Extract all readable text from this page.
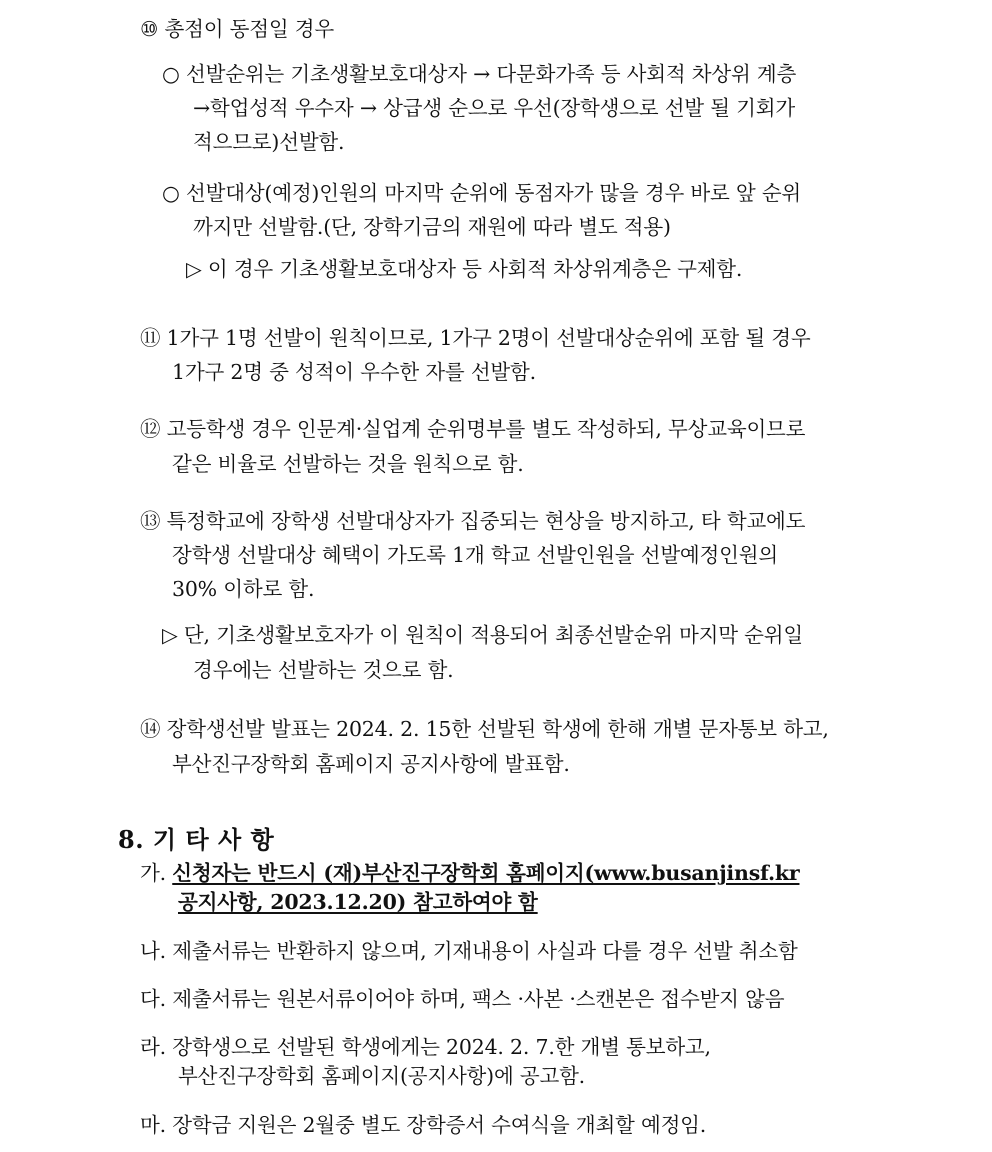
⑩ 총점이 동점일 경우
○ 선발순위는 기초생활보호대상자 → 다문화가족 등 사회적 차상위 계층
→학업성적 우수자 → 상급생 순으로 우선(장학생으로 선발 될 기회가
적으므로)선발함.
○ 선발대상(예정)인원의 마지막 순위에 동점자가 많을 경우 바로 앞 순위
까지만 선발함.(단, 장학기금의 재원에 따라 별도 적용)
▷ 이 경우 기초생활보호대상자 등 사회적 차상위계층은 구제함.
⑪ 1가구 1명 선발이 원칙이므로, 1가구 2명이 선발대상순위에 포함 될 경우
1가구 2명 중 성적이 우수한 자를 선발함.
⑫ 고등학생 경우 인문계·실업계 순위명부를 별도 작성하되, 무상교육이므로
같은 비율로 선발하는 것을 원칙으로 함.
⑬ 특정학교에 장학생 선발대상자가 집중되는 현상을 방지하고, 타 학교에도
장학생 선발대상 혜택이 가도록 1개 학교 선발인원을 선발예정인원의
30% 이하로 함.
▷ 단, 기초생활보호자가 이 원칙이 적용되어 최종선발순위 마지막 순위일
경우에는 선발하는 것으로 함.
⑭ 장학생선발 발표는 2024. 2. 15한 선발된 학생에 한해 개별 문자통보 하고,
부산진구장학회 홈페이지 공지사항에 발표함.
8. 기 타 사 항
가. 신청자는 반드시 (재)부산진구장학회 홈페이지(www.busanjinsf.kr
공지사항, 2023.12.20) 참고하여야 함
나. 제출서류는 반환하지 않으며, 기재내용이 사실과 다를 경우 선발 취소함
다. 제출서류는 원본서류이어야 하며, 팩스 ·사본 ·스캔본은 접수받지 않음
라. 장학생으로 선발된 학생에게는 2024. 2. 7.한 개별 통보하고,
부산진구장학회 홈페이지(공지사항)에 공고함.
마. 장학금 지원은 2월중 별도 장학증서 수여식을 개최할 예정임.
